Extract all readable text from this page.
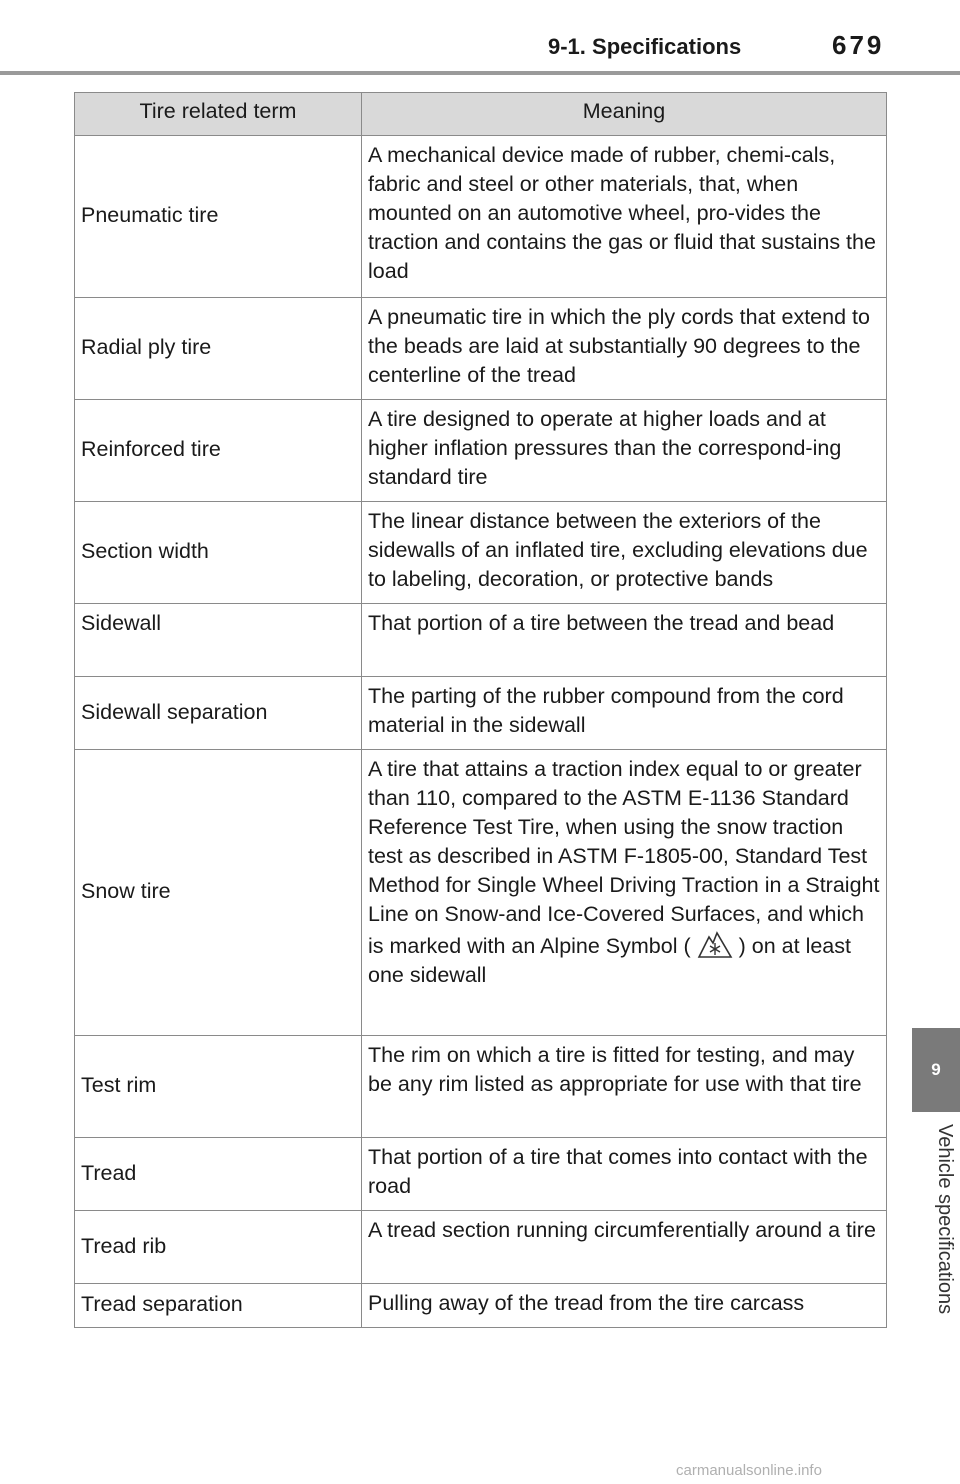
9-1. Specifications	679
9
Vehicle specifications
Tire related term	Meaning
Pneumatic tire	A mechanical device made of rubber, chemi-cals, fabric and steel or other materials, that, when mounted on an automotive wheel, pro-vides the traction and contains the gas or fluid that sustains the load
Radial ply tire	A pneumatic tire in which the ply cords that extend to the beads are laid at substantially 90 degrees to the centerline of the tread
Reinforced tire	A tire designed to operate at higher loads and at higher inflation pressures than the correspond-ing standard tire
Section width	The linear distance between the exteriors of the sidewalls of an inflated tire, excluding elevations due to labeling, decoration, or protective bands
Sidewall	That portion of a tire between the tread and bead
Sidewall separation	The parting of the rubber compound from the cord material in the sidewall
Snow tire	A tire that attains a traction index equal to or greater than 110, compared to the ASTM E-1136 Standard Reference Test Tire, when using the snow traction test as described in ASTM F-1805-00, Standard Test Method for Single Wheel Driving Traction in a Straight Line on Snow-and Ice-Covered Surfaces, and which is marked with an Alpine Symbol ( ) on at least one sidewall
Test rim	The rim on which a tire is fitted for testing, and may be any rim listed as appropriate for use with that tire
Tread	That portion of a tire that comes into contact with the road
Tread rib	A tread section running circumferentially around a tire
Tread separation	Pulling away of the tread from the tire carcass
carmanualsonline.info
